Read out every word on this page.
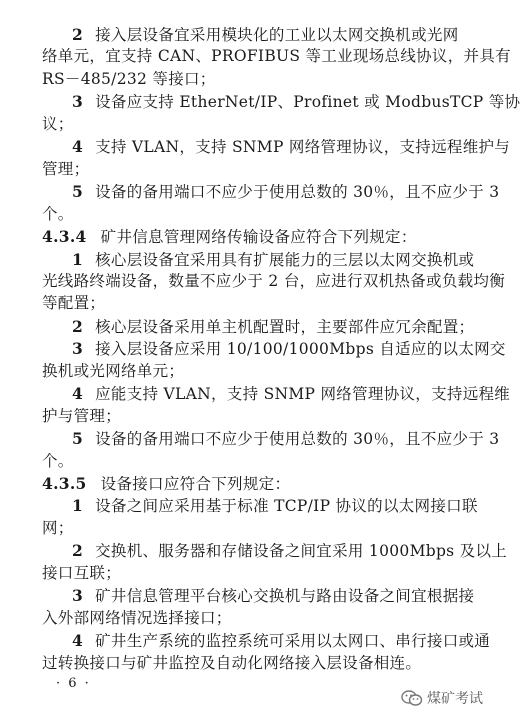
2 接入层设备宜采用模块化的工业以太网交换机或光网
络单元，宜支持 CAN、PROFIBUS 等工业现场总线协议，并具有
RS－485/232 等接口；
3 设备应支持 EtherNet/IP、Profinet 或 ModbusTCP 等协
议；
4 支持 VLAN，支持 SNMP 网络管理协议，支持远程维护与
管理；
5 设备的备用端口不应少于使用总数的 30％，且不应少于 3
个。
4.3.4 矿井信息管理网络传输设备应符合下列规定：
1 核心层设备宜采用具有扩展能力的三层以太网交换机或
光线路终端设备，数量不应少于 2 台，应进行双机热备或负载均衡
等配置；
2 核心层设备采用单主机配置时，主要部件应冗余配置；
3 接入层设备应采用 10/100/1000Mbps 自适应的以太网交
换机或光网络单元；
4 应能支持 VLAN，支持 SNMP 网络管理协议，支持远程维
护与管理；
5 设备的备用端口不应少于使用总数的 30％，且不应少于 3
个。
4.3.5 设备接口应符合下列规定：
1 设备之间应采用基于标准 TCP/IP 协议的以太网接口联
网；
2 交换机、服务器和存储设备之间宜采用 1000Mbps 及以上
接口互联；
3 矿井信息管理平台核心交换机与路由设备之间宜根据接
入外部网络情况选择接口；
4 矿井生产系统的监控系统可采用以太网口、串行接口或通
过转换接口与矿井监控及自动化网络接入层设备相连。
· 6 ·
煤矿考试
